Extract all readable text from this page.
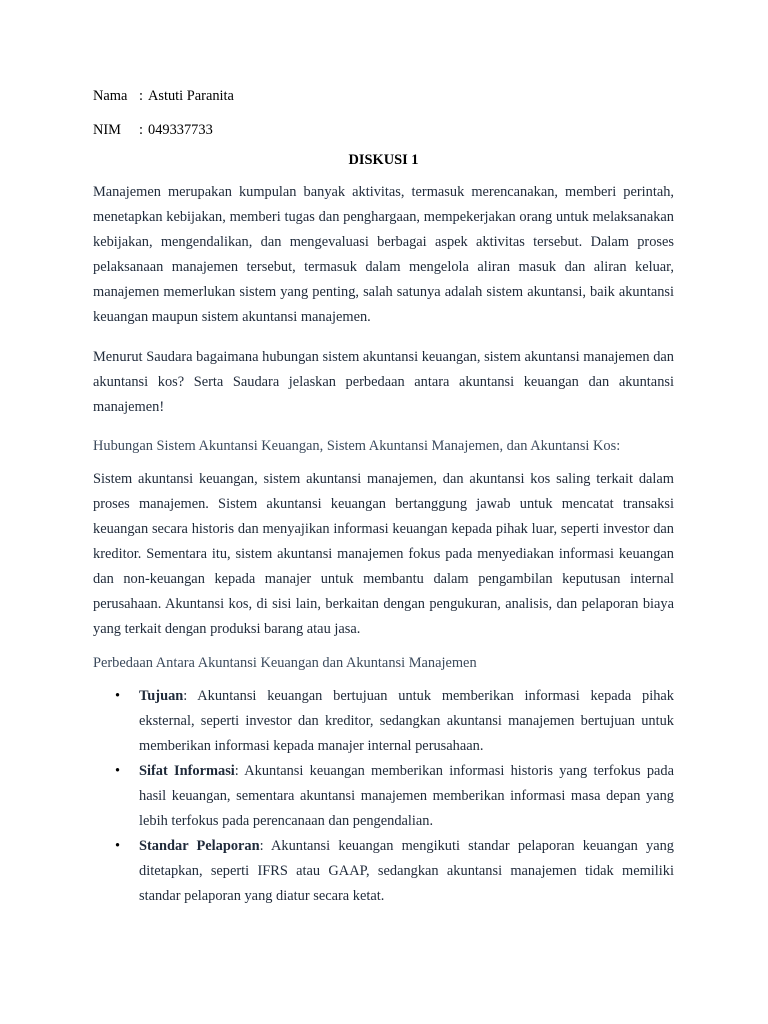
Nama : Astuti Paranita
NIM : 049337733
DISKUSI 1

Manajemen merupakan kumpulan banyak aktivitas, termasuk merencanakan, memberi perintah, menetapkan kebijakan, memberi tugas dan penghargaan, mempekerjakan orang untuk melaksanakan kebijakan, mengendalikan, dan mengevaluasi berbagai aspek aktivitas tersebut. Dalam proses pelaksanaan manajemen tersebut, termasuk dalam mengelola aliran masuk dan aliran keluar, manajemen memerlukan sistem yang penting, salah satunya adalah sistem akuntansi, baik akuntansi keuangan maupun sistem akuntansi manajemen.

Menurut Saudara bagaimana hubungan sistem akuntansi keuangan, sistem akuntansi manajemen dan akuntansi kos? Serta Saudara jelaskan perbedaan antara akuntansi keuangan dan akuntansi manajemen!

Hubungan Sistem Akuntansi Keuangan, Sistem Akuntansi Manajemen, dan Akuntansi Kos:

Sistem akuntansi keuangan, sistem akuntansi manajemen, dan akuntansi kos saling terkait dalam proses manajemen. Sistem akuntansi keuangan bertanggung jawab untuk mencatat transaksi keuangan secara historis dan menyajikan informasi keuangan kepada pihak luar, seperti investor dan kreditor. Sementara itu, sistem akuntansi manajemen fokus pada menyediakan informasi keuangan dan non-keuangan kepada manajer untuk membantu dalam pengambilan keputusan internal perusahaan. Akuntansi kos, di sisi lain, berkaitan dengan pengukuran, analisis, dan pelaporan biaya yang terkait dengan produksi barang atau jasa.

Perbedaan Antara Akuntansi Keuangan dan Akuntansi Manajemen

• Tujuan: Akuntansi keuangan bertujuan untuk memberikan informasi kepada pihak eksternal, seperti investor dan kreditor, sedangkan akuntansi manajemen bertujuan untuk memberikan informasi kepada manajer internal perusahaan.
• Sifat Informasi: Akuntansi keuangan memberikan informasi historis yang terfokus pada hasil keuangan, sementara akuntansi manajemen memberikan informasi masa depan yang lebih terfokus pada perencanaan dan pengendalian.
• Standar Pelaporan: Akuntansi keuangan mengikuti standar pelaporan keuangan yang ditetapkan, seperti IFRS atau GAAP, sedangkan akuntansi manajemen tidak memiliki standar pelaporan yang diatur secara ketat.
